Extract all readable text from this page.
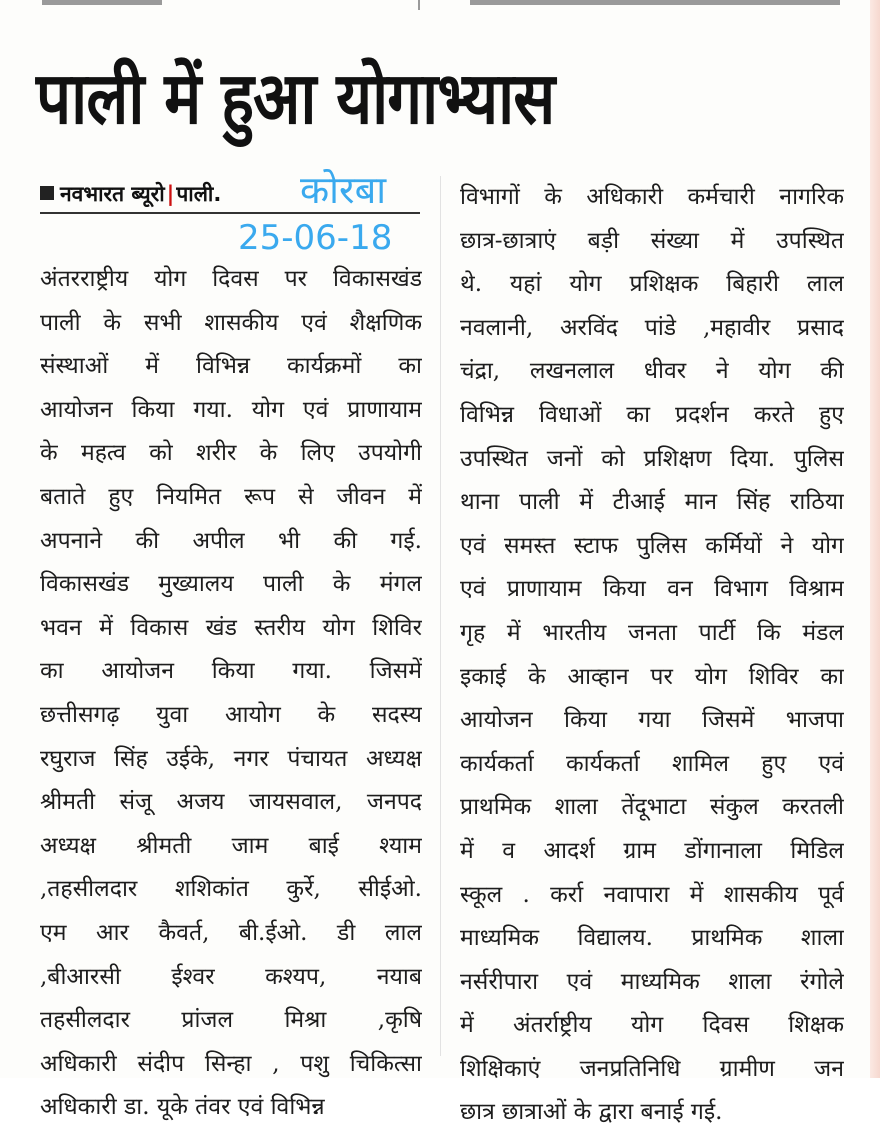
पाली में हुआ योगाभ्यास
नवभारत ब्यूरो|पाली. कोरबा
25-06-18
अंतरराष्ट्रीय योग दिवस पर विकासखंड
पाली के सभी शासकीय एवं शैक्षणिक
संस्थाओं में विभिन्न कार्यक्रमों का
आयोजन किया गया. योग एवं प्राणायाम
के महत्व को शरीर के लिए उपयोगी
बताते हुए नियमित रूप से जीवन में
अपनाने की अपील भी की गई.
विकासखंड मुख्यालय पाली के मंगल
भवन में विकास खंड स्तरीय योग शिविर
का आयोजन किया गया. जिसमें
छत्तीसगढ़ युवा आयोग के सदस्य
रघुराज सिंह उईके, नगर पंचायत अध्यक्ष
श्रीमती संजू अजय जायसवाल, जनपद
अध्यक्ष श्रीमती जाम बाई श्याम
,तहसीलदार शशिकांत कुर्रे, सीईओ.
एम आर कैवर्त, बी.ईओ. डी लाल
,बीआरसी ईश्वर कश्यप, नयाब
तहसीलदार प्रांजल मिश्रा ,कृषि
अधिकारी संदीप सिन्हा , पशु चिकित्सा
अधिकारी डा. यूके तंवर एवं विभिन्न
विभागों के अधिकारी कर्मचारी नागरिक
छात्र-छात्राएं बड़ी संख्या में उपस्थित
थे. यहां योग प्रशिक्षक बिहारी लाल
नवलानी, अरविंद पांडे ,महावीर प्रसाद
चंद्रा, लखनलाल धीवर ने योग की
विभिन्न विधाओं का प्रदर्शन करते हुए
उपस्थित जनों को प्रशिक्षण दिया. पुलिस
थाना पाली में टीआई मान सिंह राठिया
एवं समस्त स्टाफ पुलिस कर्मियों ने योग
एवं प्राणायाम किया वन विभाग विश्राम
गृह में भारतीय जनता पार्टी कि मंडल
इकाई के आव्हान पर योग शिविर का
आयोजन किया गया जिसमें भाजपा
कार्यकर्ता कार्यकर्ता शामिल हुए एवं
प्राथमिक शाला तेंदूभाटा संकुल करतली
में व आदर्श ग्राम डोंगानाला मिडिल
स्कूल . कर्रा नवापारा में शासकीय पूर्व
माध्यमिक विद्यालय. प्राथमिक शाला
नर्सरीपारा एवं माध्यमिक शाला रंगोले
में अंतर्राष्ट्रीय योग दिवस शिक्षक
शिक्षिकाएं जनप्रतिनिधि ग्रामीण जन
छात्र छात्राओं के द्वारा बनाई गई.
